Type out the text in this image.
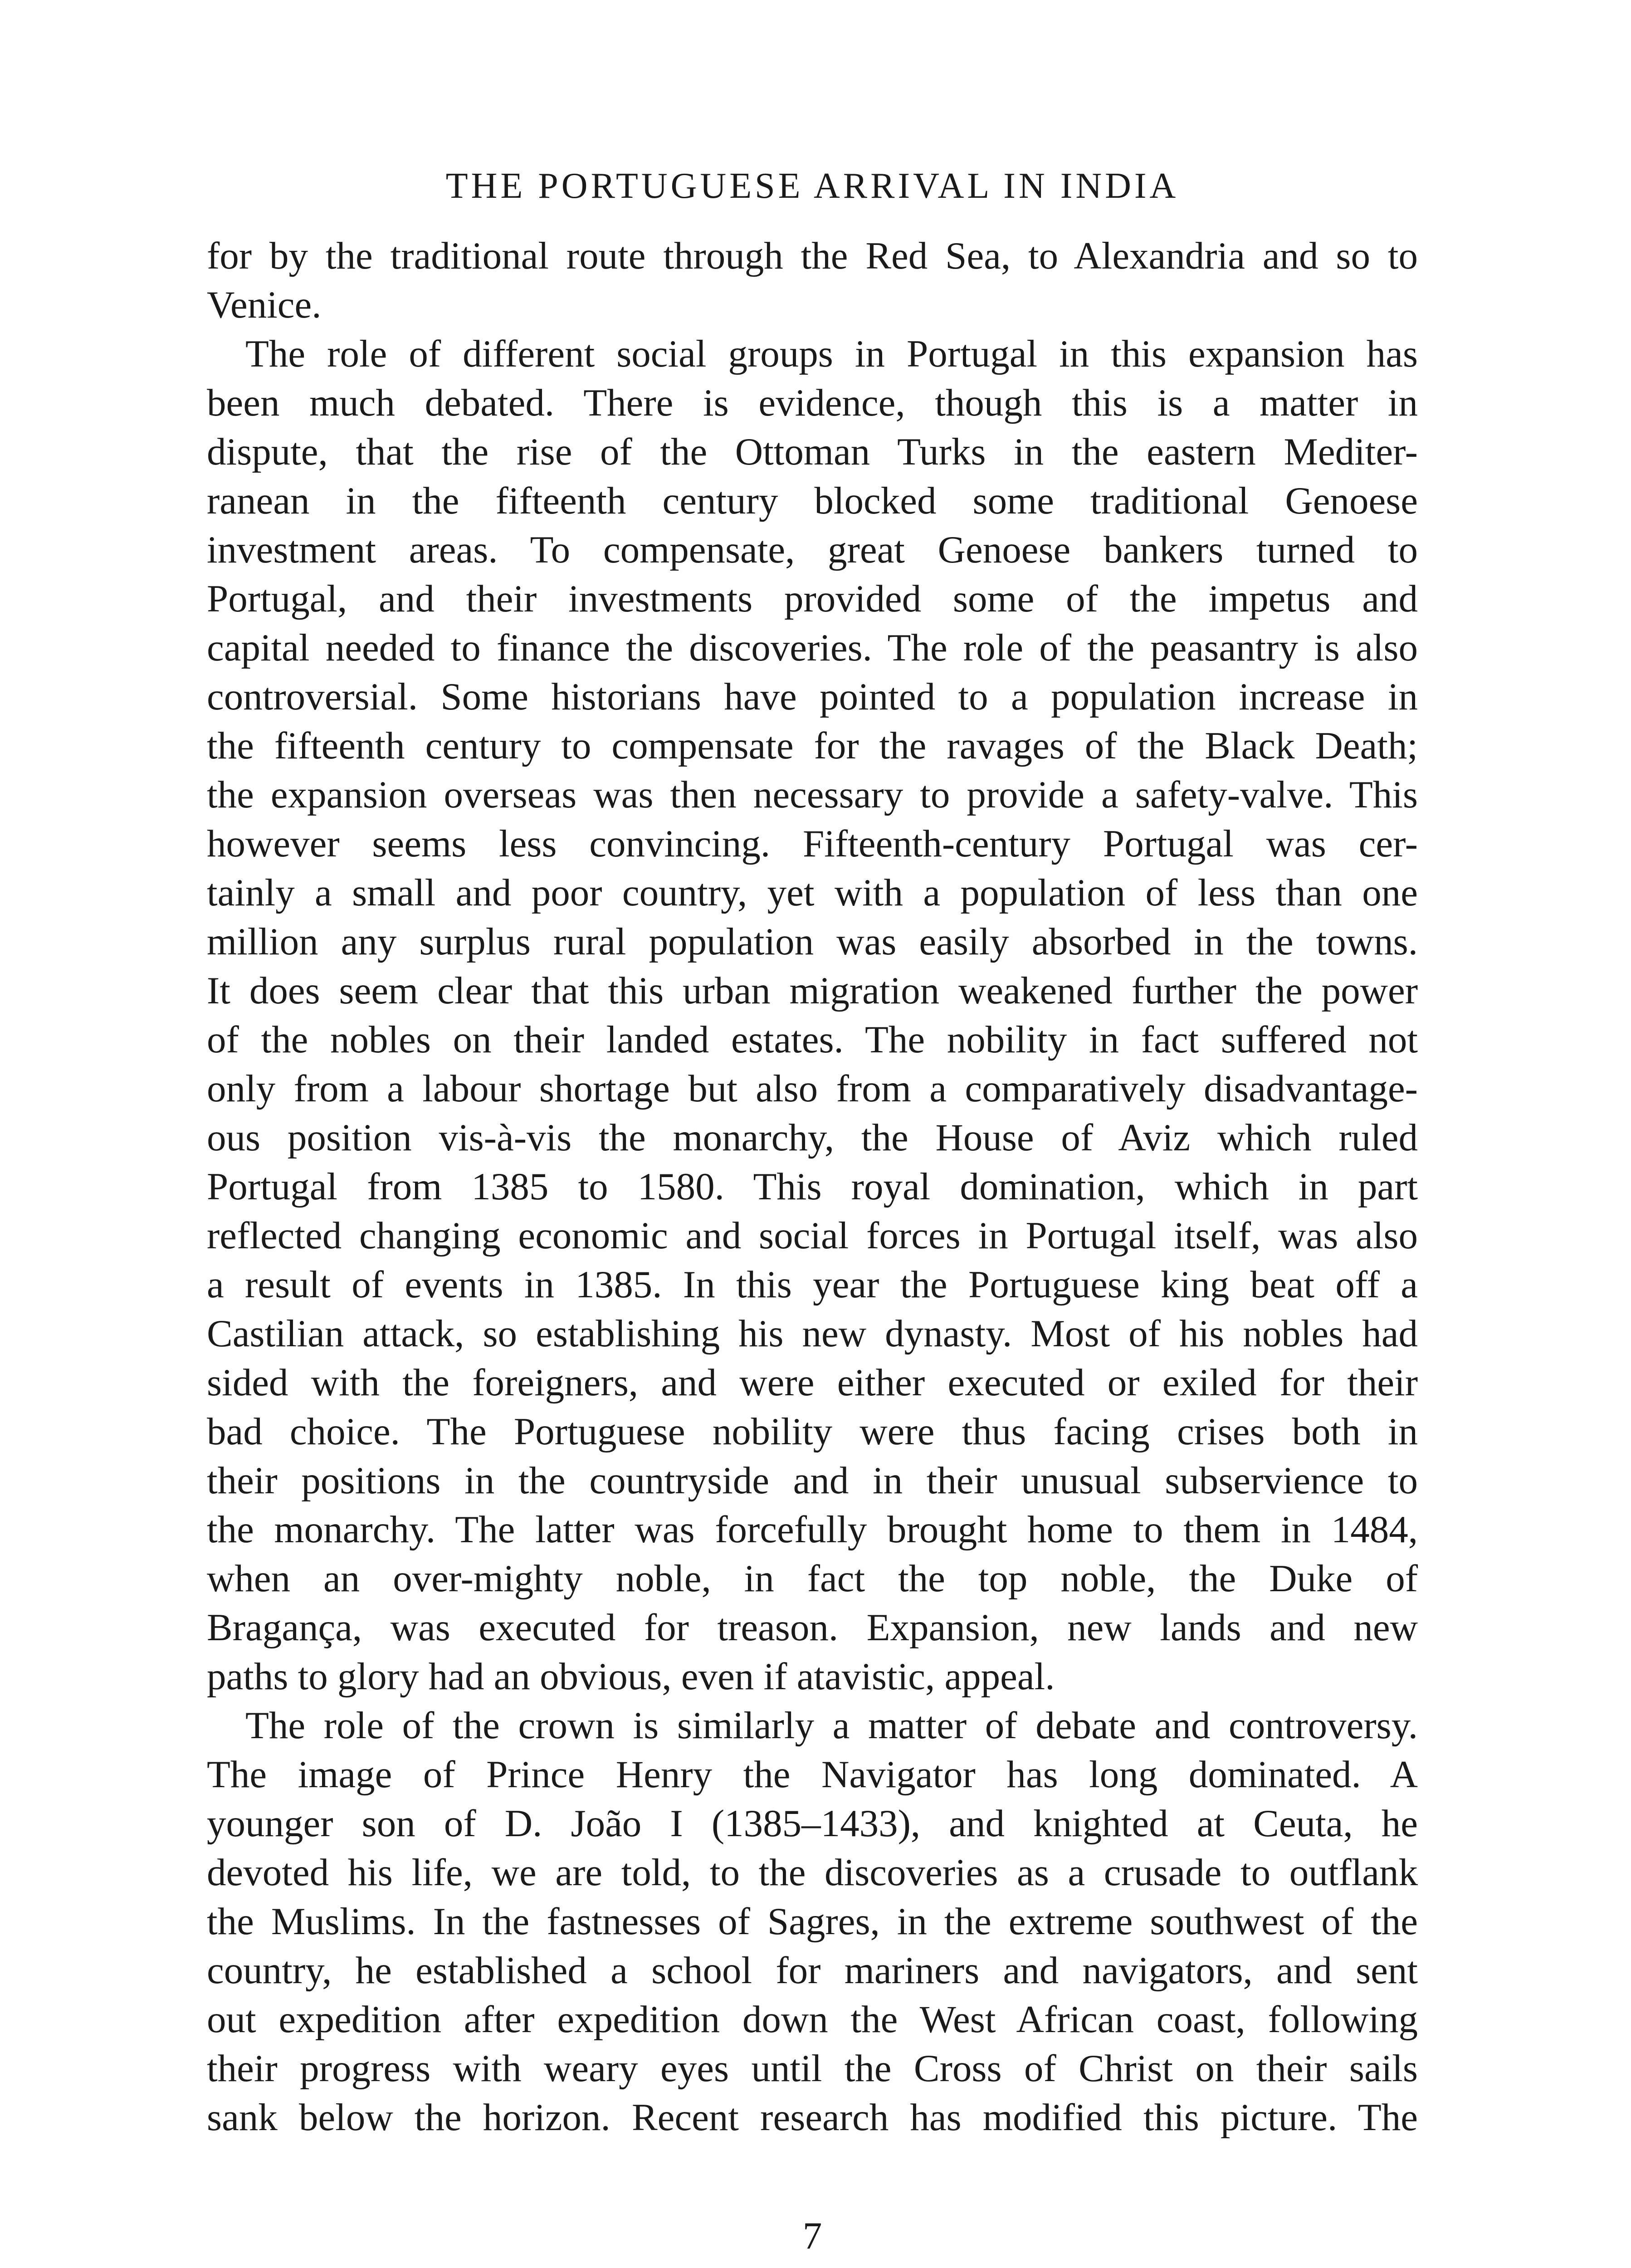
THE PORTUGUESE ARRIVAL IN INDIA
for by the traditional route through the Red Sea, to Alexandria and so to
Venice.
The role of different social groups in Portugal in this expansion has
been much debated. There is evidence, though this is a matter in
dispute, that the rise of the Ottoman Turks in the eastern Mediter-
ranean in the fifteenth century blocked some traditional Genoese
investment areas. To compensate, great Genoese bankers turned to
Portugal, and their investments provided some of the impetus and
capital needed to finance the discoveries. The role of the peasantry is also
controversial. Some historians have pointed to a population increase in
the fifteenth century to compensate for the ravages of the Black Death;
the expansion overseas was then necessary to provide a safety-valve. This
however seems less convincing. Fifteenth-century Portugal was cer-
tainly a small and poor country, yet with a population of less than one
million any surplus rural population was easily absorbed in the towns.
It does seem clear that this urban migration weakened further the power
of the nobles on their landed estates. The nobility in fact suffered not
only from a labour shortage but also from a comparatively disadvantage-
ous position vis-à-vis the monarchy, the House of Aviz which ruled
Portugal from 1385 to 1580. This royal domination, which in part
reflected changing economic and social forces in Portugal itself, was also
a result of events in 1385. In this year the Portuguese king beat off a
Castilian attack, so establishing his new dynasty. Most of his nobles had
sided with the foreigners, and were either executed or exiled for their
bad choice. The Portuguese nobility were thus facing crises both in
their positions in the countryside and in their unusual subservience to
the monarchy. The latter was forcefully brought home to them in 1484,
when an over-mighty noble, in fact the top noble, the Duke of
Bragança, was executed for treason. Expansion, new lands and new
paths to glory had an obvious, even if atavistic, appeal.
The role of the crown is similarly a matter of debate and controversy.
The image of Prince Henry the Navigator has long dominated. A
younger son of D. João I (1385–1433), and knighted at Ceuta, he
devoted his life, we are told, to the discoveries as a crusade to outflank
the Muslims. In the fastnesses of Sagres, in the extreme southwest of the
country, he established a school for mariners and navigators, and sent
out expedition after expedition down the West African coast, following
their progress with weary eyes until the Cross of Christ on their sails
sank below the horizon. Recent research has modified this picture. The
7
